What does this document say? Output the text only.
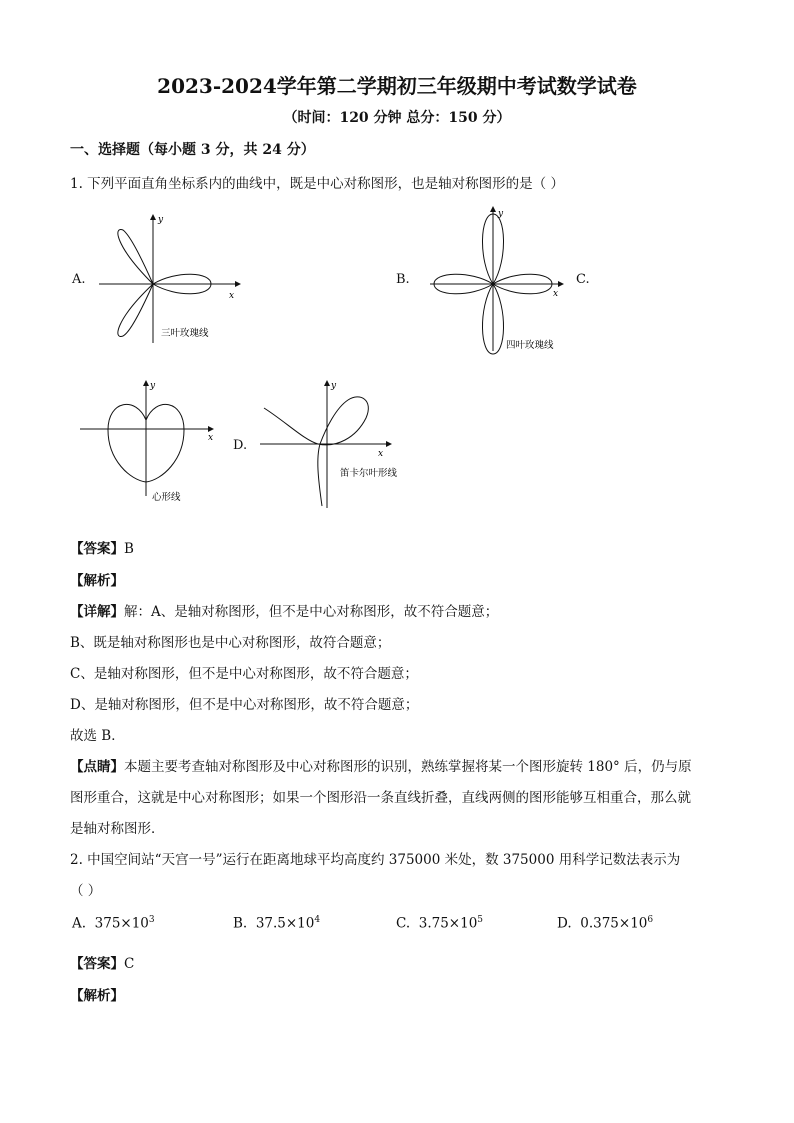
2023-2024学年第二学期初三年级期中考试数学试卷
（时间：120 分钟 总分：150 分）
一、选择题（每小题 3 分，共 24 分）
1. 下列平面直角坐标系内的曲线中，既是中心对称图形，也是轴对称图形的是（ ）
A.
x
y
三叶玫瑰线
B.
x
y
四叶玫瑰线
C.
x
y
心形线
D.
x
y
笛卡尔叶形线
【答案】B
【解析】
【详解】解：A、是轴对称图形，但不是中心对称图形，故不符合题意；
B、既是轴对称图形也是中心对称图形，故符合题意；
C、是轴对称图形，但不是中心对称图形，故不符合题意；
D、是轴对称图形，但不是中心对称图形，故不符合题意；
故选 B．
【点睛】本题主要考查轴对称图形及中心对称图形的识别，熟练掌握将某一个图形旋转 180° 后，仍与原
图形重合，这就是中心对称图形；如果一个图形沿一条直线折叠，直线两侧的图形能够互相重合，那么就
是轴对称图形．
2. 中国空间站“天宫一号”运行在距离地球平均高度约 375000 米处，数 375000 用科学记数法表示为
（ ）
A. $375\times 10^3$	B. $37.5\times 10^4$	C. $3.75\times 10^5$	D. $0.375\times 10^6$
【答案】C
【解析】
